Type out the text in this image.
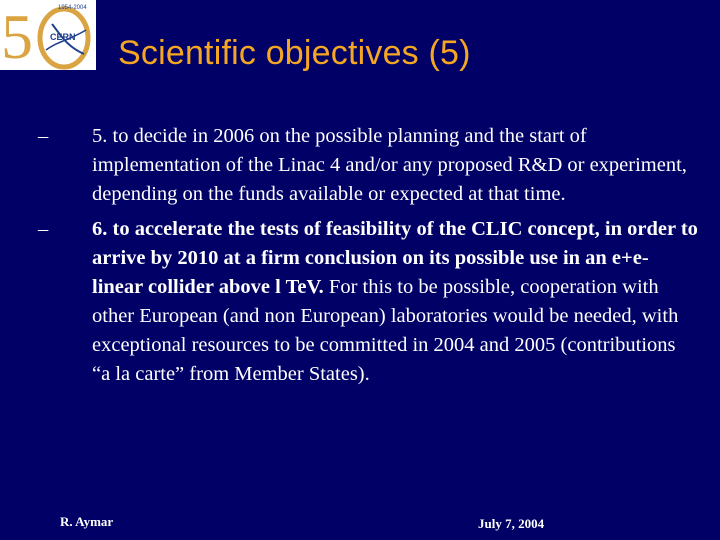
5	1954-2004
CERN Scientific objectives (5)
–	5. to decide in 2006 on the possible planning and the start of implementation of the Linac 4 and/or any proposed R&D or experiment, depending on the funds available or expected at that time.
–	6. to accelerate the tests of feasibility of the CLIC concept, in order to arrive by 2010 at a firm conclusion on its possible use in an e+e- linear collider above l TeV. For this to be possible, cooperation with other European (and non European) laboratories would be needed, with exceptional resources to be committed in 2004 and 2005 (contributions “a la carte” from Member States).
R. Aymar	July 7, 2004
